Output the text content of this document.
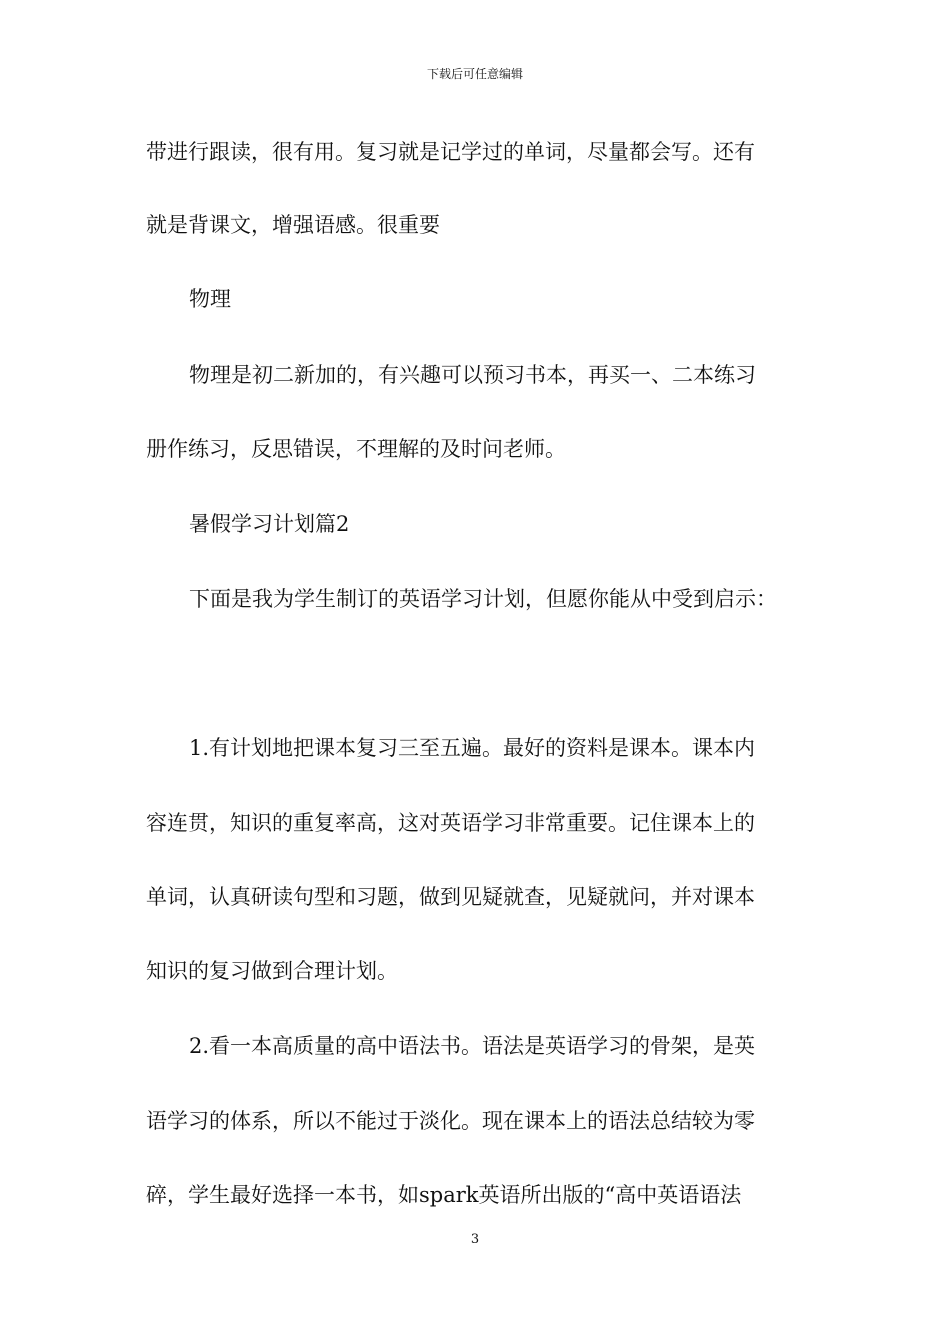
下载后可任意编辑
带进行跟读，很有用。复习就是记学过的单词，尽量都会写。还有
就是背课文，增强语感。很重要
物理
物理是初二新加的，有兴趣可以预习书本，再买一、二本练习
册作练习，反思错误，不理解的及时问老师。
暑假学习计划篇2
下面是我为学生制订的英语学习计划，但愿你能从中受到启示：
1.有计划地把课本复习三至五遍。最好的资料是课本。课本内
容连贯，知识的重复率高，这对英语学习非常重要。记住课本上的
单词，认真研读句型和习题，做到见疑就查，见疑就问，并对课本
知识的复习做到合理计划。
2.看一本高质量的高中语法书。语法是英语学习的骨架，是英
语学习的体系，所以不能过于淡化。现在课本上的语法总结较为零
碎，学生最好选择一本书，如spark英语所出版的“高中英语语法
3
